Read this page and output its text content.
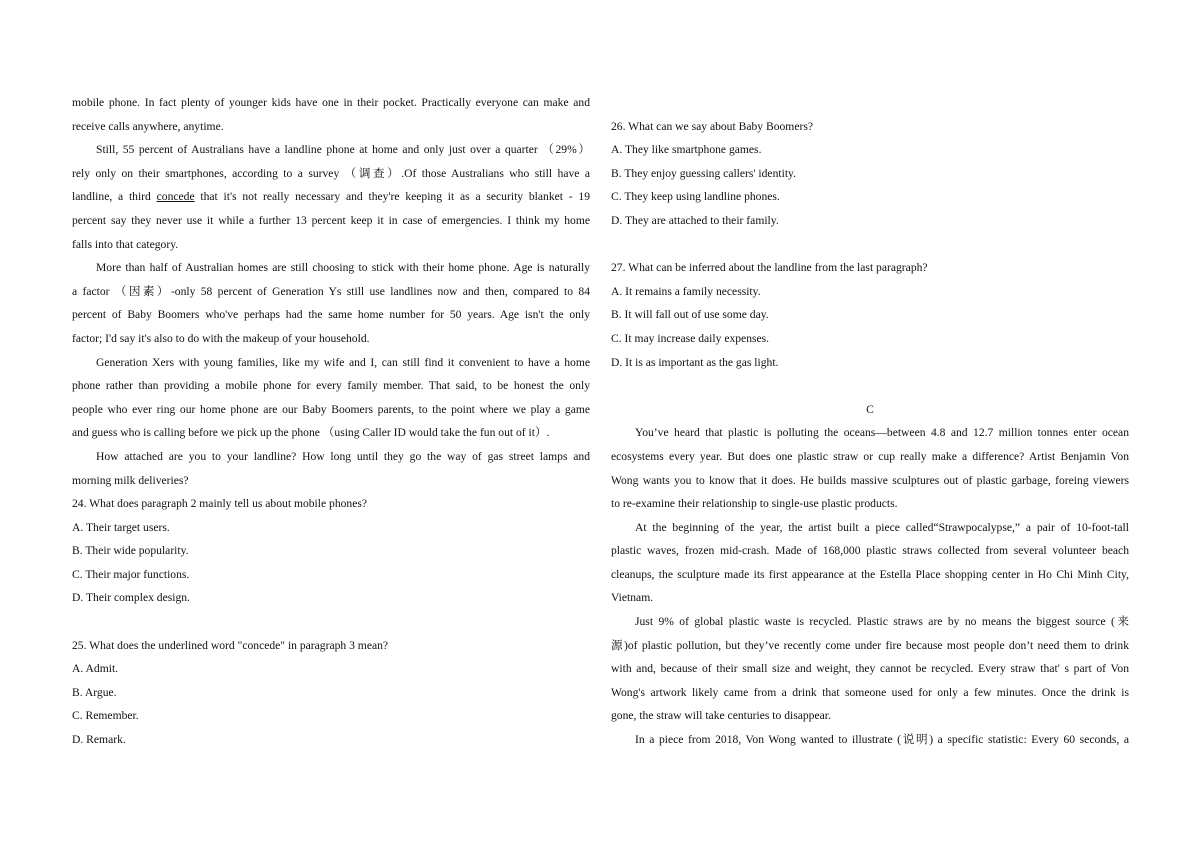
mobile phone. In fact plenty of younger kids have one in their pocket. Practically everyone can make and
receive calls anywhere, anytime.
Still, 55 percent of Australians have a landline phone at home and only just over a quarter （29%）
rely only on their smartphones, according to a survey （调查）.Of those Australians who still have a
landline, a third concede that it's not really necessary and they're keeping it as a security blanket - 19
percent say they never use it while a further 13 percent keep it in case of emergencies. I think my home
falls into that category.
More than half of Australian homes are still choosing to stick with their home phone. Age is naturally
a factor （因素）-only 58 percent of Generation Ys still use landlines now and then, compared to 84
percent of Baby Boomers who've perhaps had the same home number for 50 years. Age isn't the only
factor; I'd say it's also to do with the makeup of your household.
Generation Xers with young families, like my wife and I, can still find it convenient to have a home
phone rather than providing a mobile phone for every family member. That said, to be honest the only
people who ever ring our home phone are our Baby Boomers parents, to the point where we play a game
and guess who is calling before we pick up the phone （using Caller ID would take the fun out of it）.
How attached are you to your landline? How long until they go the way of gas street lamps and
morning milk deliveries?
24. What does paragraph 2 mainly tell us about mobile phones?
A. Their target users.
B. Their wide popularity.
C. Their major functions.
D. Their complex design.
25. What does the underlined word "concede" in paragraph 3 mean?
A. Admit.
B. Argue.
C. Remember.
D. Remark.
26. What can we say about Baby Boomers?
A. They like smartphone games.
B. They enjoy guessing callers' identity.
C. They keep using landline phones.
D. They are attached to their family.
27. What can be inferred about the landline from the last paragraph?
A. It remains a family necessity.
B. It will fall out of use some day.
C. It may increase daily expenses.
D. It is as important as the gas light.
C
You’ve heard that plastic is polluting the oceans—between 4.8 and 12.7 million tonnes enter ocean
ecosystems every year. But does one plastic straw or cup really make a difference? Artist Benjamin Von
Wong wants you to know that it does. He builds massive sculptures out of plastic garbage, foreing viewers
to re-examine their relationship to single-use plastic products.
At the beginning of the year, the artist built a piece called“Strawpocalypse,” a pair of 10-foot-tall
plastic waves, frozen mid-crash. Made of 168,000 plastic straws collected from several volunteer beach
cleanups, the sculpture made its first appearance at the Estella Place shopping center in Ho Chi Minh City,
Vietnam.
Just 9% of global plastic waste is recycled. Plastic straws are by no means the biggest source (来
源)of plastic pollution, but they’ve recently come under fire because most people don’t need them to drink
with and, because of their small size and weight, they cannot be recycled. Every straw that' s part of Von
Wong's artwork likely came from a drink that someone used for only a few minutes. Once the drink is
gone, the straw will take centuries to disappear.
In a piece from 2018, Von Wong wanted to illustrate (说明) a specific statistic: Every 60 seconds, a
